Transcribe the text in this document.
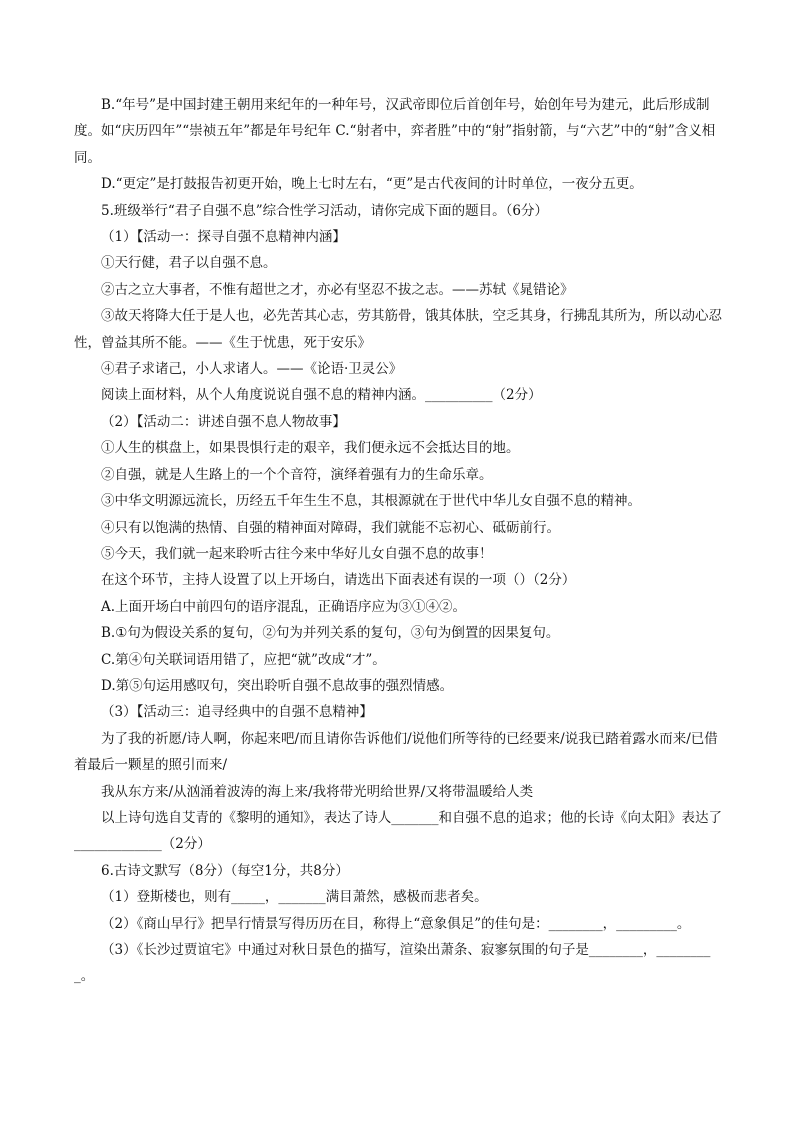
B.“年号”是中国封建王朝用来纪年的一种年号，汉武帝即位后首创年号，始创年号为建元，此后形成制度。如“庆历四年”“崇祯五年”都是年号纪年 C.“射者中，弈者胜”中的“射”指射箭，与“六艺”中的“射”含义相同。

D.“更定”是打鼓报告初更开始，晚上七时左右，“更”是古代夜间的计时单位，一夜分五更。

5.班级举行“君子自强不息”综合性学习活动，请你完成下面的题目。（6分）

（1）【活动一：探寻自强不息精神内涵】

①天行健，君子以自强不息。

②古之立大事者，不惟有超世之才，亦必有坚忍不拔之志。——苏轼《晁错论》

③故天将降大任于是人也，必先苦其心志，劳其筋骨，饿其体肤，空乏其身，行拂乱其所为，所以动心忍性，曾益其所不能。——《生于忧患，死于安乐》

④君子求诸己，小人求诸人。——《论语·卫灵公》

阅读上面材料，从个人角度说说自强不息的精神内涵。__________（2分）

（2）【活动二：讲述自强不息人物故事】

①人生的棋盘上，如果畏惧行走的艰辛，我们便永远不会抵达目的地。

②自强，就是人生路上的一个个音符，演绎着强有力的生命乐章。

③中华文明源远流长，历经五千年生生不息，其根源就在于世代中华儿女自强不息的精神。

④只有以饱满的热情、自强的精神面对障碍，我们就能不忘初心、砥砺前行。

⑤今天，我们就一起来聆听古往今来中华好儿女自强不息的故事！

在这个环节，主持人设置了以上开场白，请选出下面表述有误的一项（）（2分）

A.上面开场白中前四句的语序混乱，正确语序应为③①④②。

B.①句为假设关系的复句，②句为并列关系的复句，③句为倒置的因果复句。

C.第④句关联词语用错了，应把“就”改成“才”。

D.第⑤句运用感叹句，突出聆听自强不息故事的强烈情感。

（3）【活动三：追寻经典中的自强不息精神】

为了我的祈愿/诗人啊，你起来吧/而且请你告诉他们/说他们所等待的已经要来/说我已踏着露水而来/已借着最后一颗星的照引而来/

我从东方来/从汹涌着波涛的海上来/我将带光明给世界/又将带温暖给人类

以上诗句选自艾青的《黎明的通知》，表达了诗人_______和自强不息的追求；他的长诗《向太阳》表达了_____________（2分）

6.古诗文默写（8分）（每空1分，共8分）

（1）登斯楼也，则有_____，_______满目萧然，感极而悲者矣。

（2）《商山早行》把旱行情景写得历历在目，称得上“意象俱足”的佳句是：________，_________。

（3）《长沙过贾谊宅》中通过对秋日景色的描写，渲染出萧条、寂寥氛围的句子是________，_________。
